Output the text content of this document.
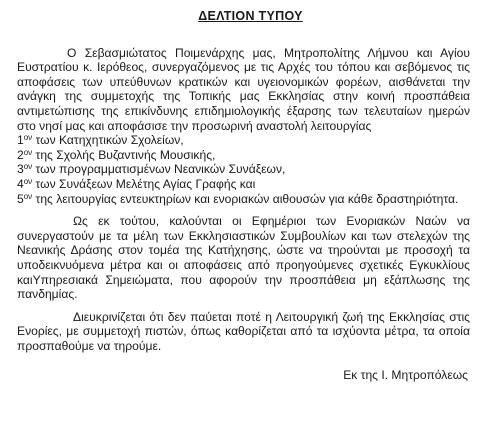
ΔΕΛΤΙΟΝ ΤΥΠΟΥ

Ο Σεβασμιώτατος Ποιμενάρχης μας, Μητροπολίτης Λήμνου και Αγίου Ευστρατίου κ. Ιερόθεος, συνεργαζόμενος με τις Αρχές του τόπου και σεβόμενος τις αποφάσεις των υπεύθυνων κρατικών και υγειονομικών φορέων, αισθάνεται την ανάγκη της συμμετοχής της Τοπικής μας Εκκλησίας στην κοινή προσπάθεια αντιμετώπισης της επικίνδυνης επιδημιολογικής έξαρσης των τελευταίων ημερών στο νησί μας και αποφάσισε την προσωρινή αναστολή λειτουργίας

$1^{o\nu}$ των Κατηχητικών Σχολείων,
$2^{o\nu}$ της Σχολής Βυζαντινής Μουσικής,
$3^{o\nu}$ των προγραμματισμένων Νεανικών Συνάξεων,
$4^{o\nu}$ των Συνάξεων Μελέτης Αγίας Γραφής και
$5^{o\nu}$ της λειτουργίας εντευκτηρίων και ενοριακών αιθουσών για κάθε δραστηριότητα.

Ως εκ τούτου, καλούνται οι Εφημέριοι των Ενοριακών Ναών να συνεργαστούν με τα μέλη των Εκκλησιαστικών Συμβουλίων και των στελεχών της Νεανικής Δράσης στον τομέα της Κατήχησης, ώστε να τηρούνται με προσοχή τα υποδεικνυόμενα μέτρα και οι αποφάσεις από προηγούμενες σχετικές Εγκυκλίους καιΥπηρεσιακά Σημειώματα, που αφορούν την προσπάθεια μη εξάπλωσης της πανδημίας.

Διευκρινίζεται ότι δεν παύεται ποτέ η Λειτουργική ζωή της Εκκλησίας στις Ενορίες, με συμμετοχή πιστών, όπως καθορίζεται από τα ισχύοντα μέτρα, τα οποία προσπαθούμε να τηρούμε.

Εκ της Ι. Μητροπόλεως
